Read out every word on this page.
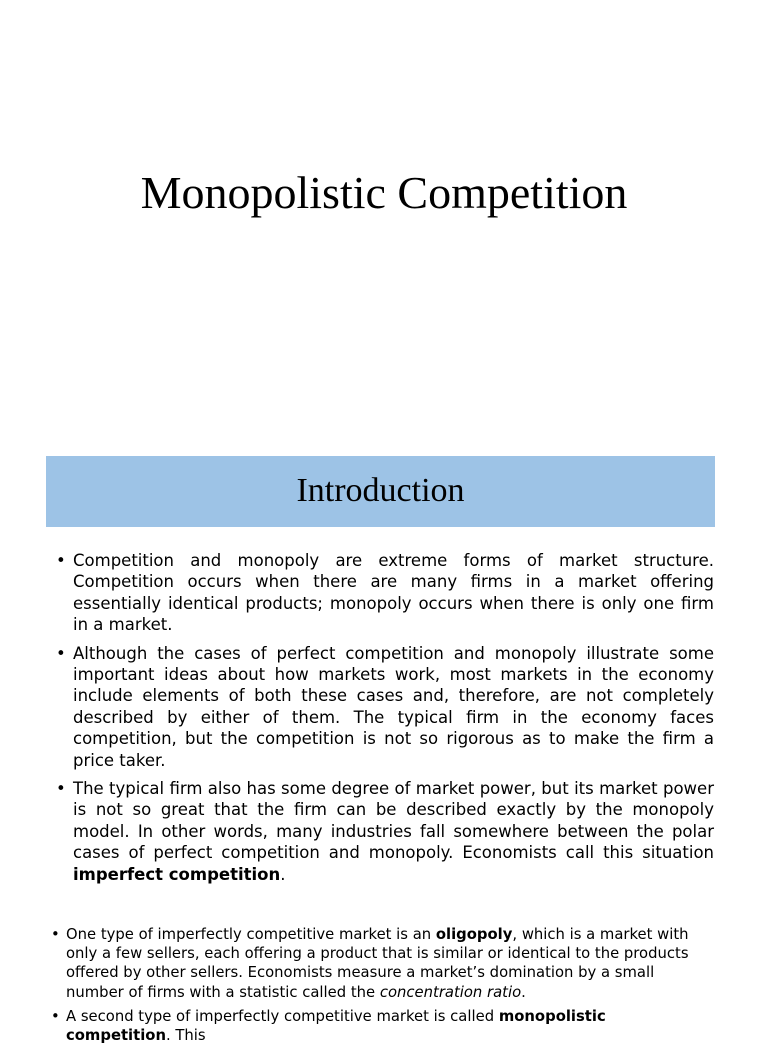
Monopolistic Competition
Introduction
• Competition and monopoly are extreme forms of market structure. Competition occurs when there are many firms in a market offering essentially identical products; monopoly occurs when there is only one firm in a market.
• Although the cases of perfect competition and monopoly illustrate some important ideas about how markets work, most markets in the economy include elements of both these cases and, therefore, are not completely described by either of them. The typical firm in the economy faces competition, but the competition is not so rigorous as to make the firm a price taker.
• The typical firm also has some degree of market power, but its market power is not so great that the firm can be described exactly by the monopoly model. In other words, many industries fall somewhere between the polar cases of perfect competition and monopoly. Economists call this situation imperfect competition.
• One type of imperfectly competitive market is an oligopoly, which is a market with only a few sellers, each offering a product that is similar or identical to the products offered by other sellers. Economists measure a market’s domination by a small number of firms with a statistic called the concentration ratio.
• A second type of imperfectly competitive market is called monopolistic competition. This
